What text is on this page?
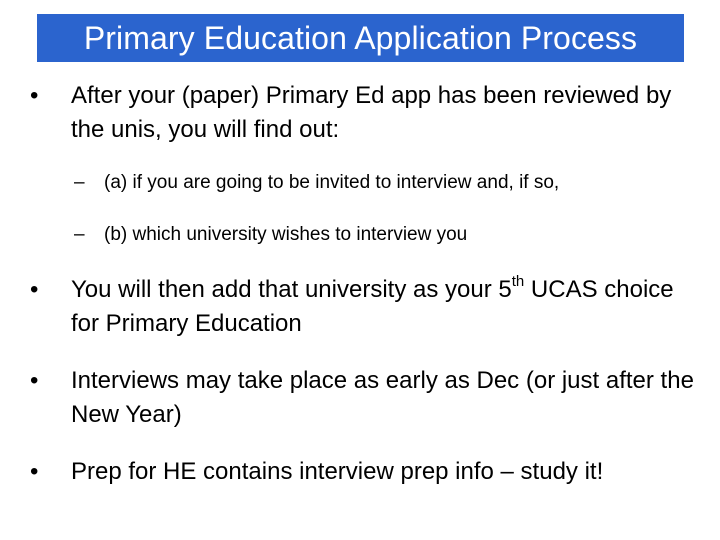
Primary Education Application Process
•	After your (paper) Primary Ed app has been reviewed by the unis, you will find out:
– (a) if you are going to be invited to interview and, if so,
– (b) which university wishes to interview you
•	You will then add that university as your 5th UCAS choice for Primary Education
•	Interviews may take place as early as Dec (or just after the New Year)
•	Prep for HE contains interview prep info – study it!
